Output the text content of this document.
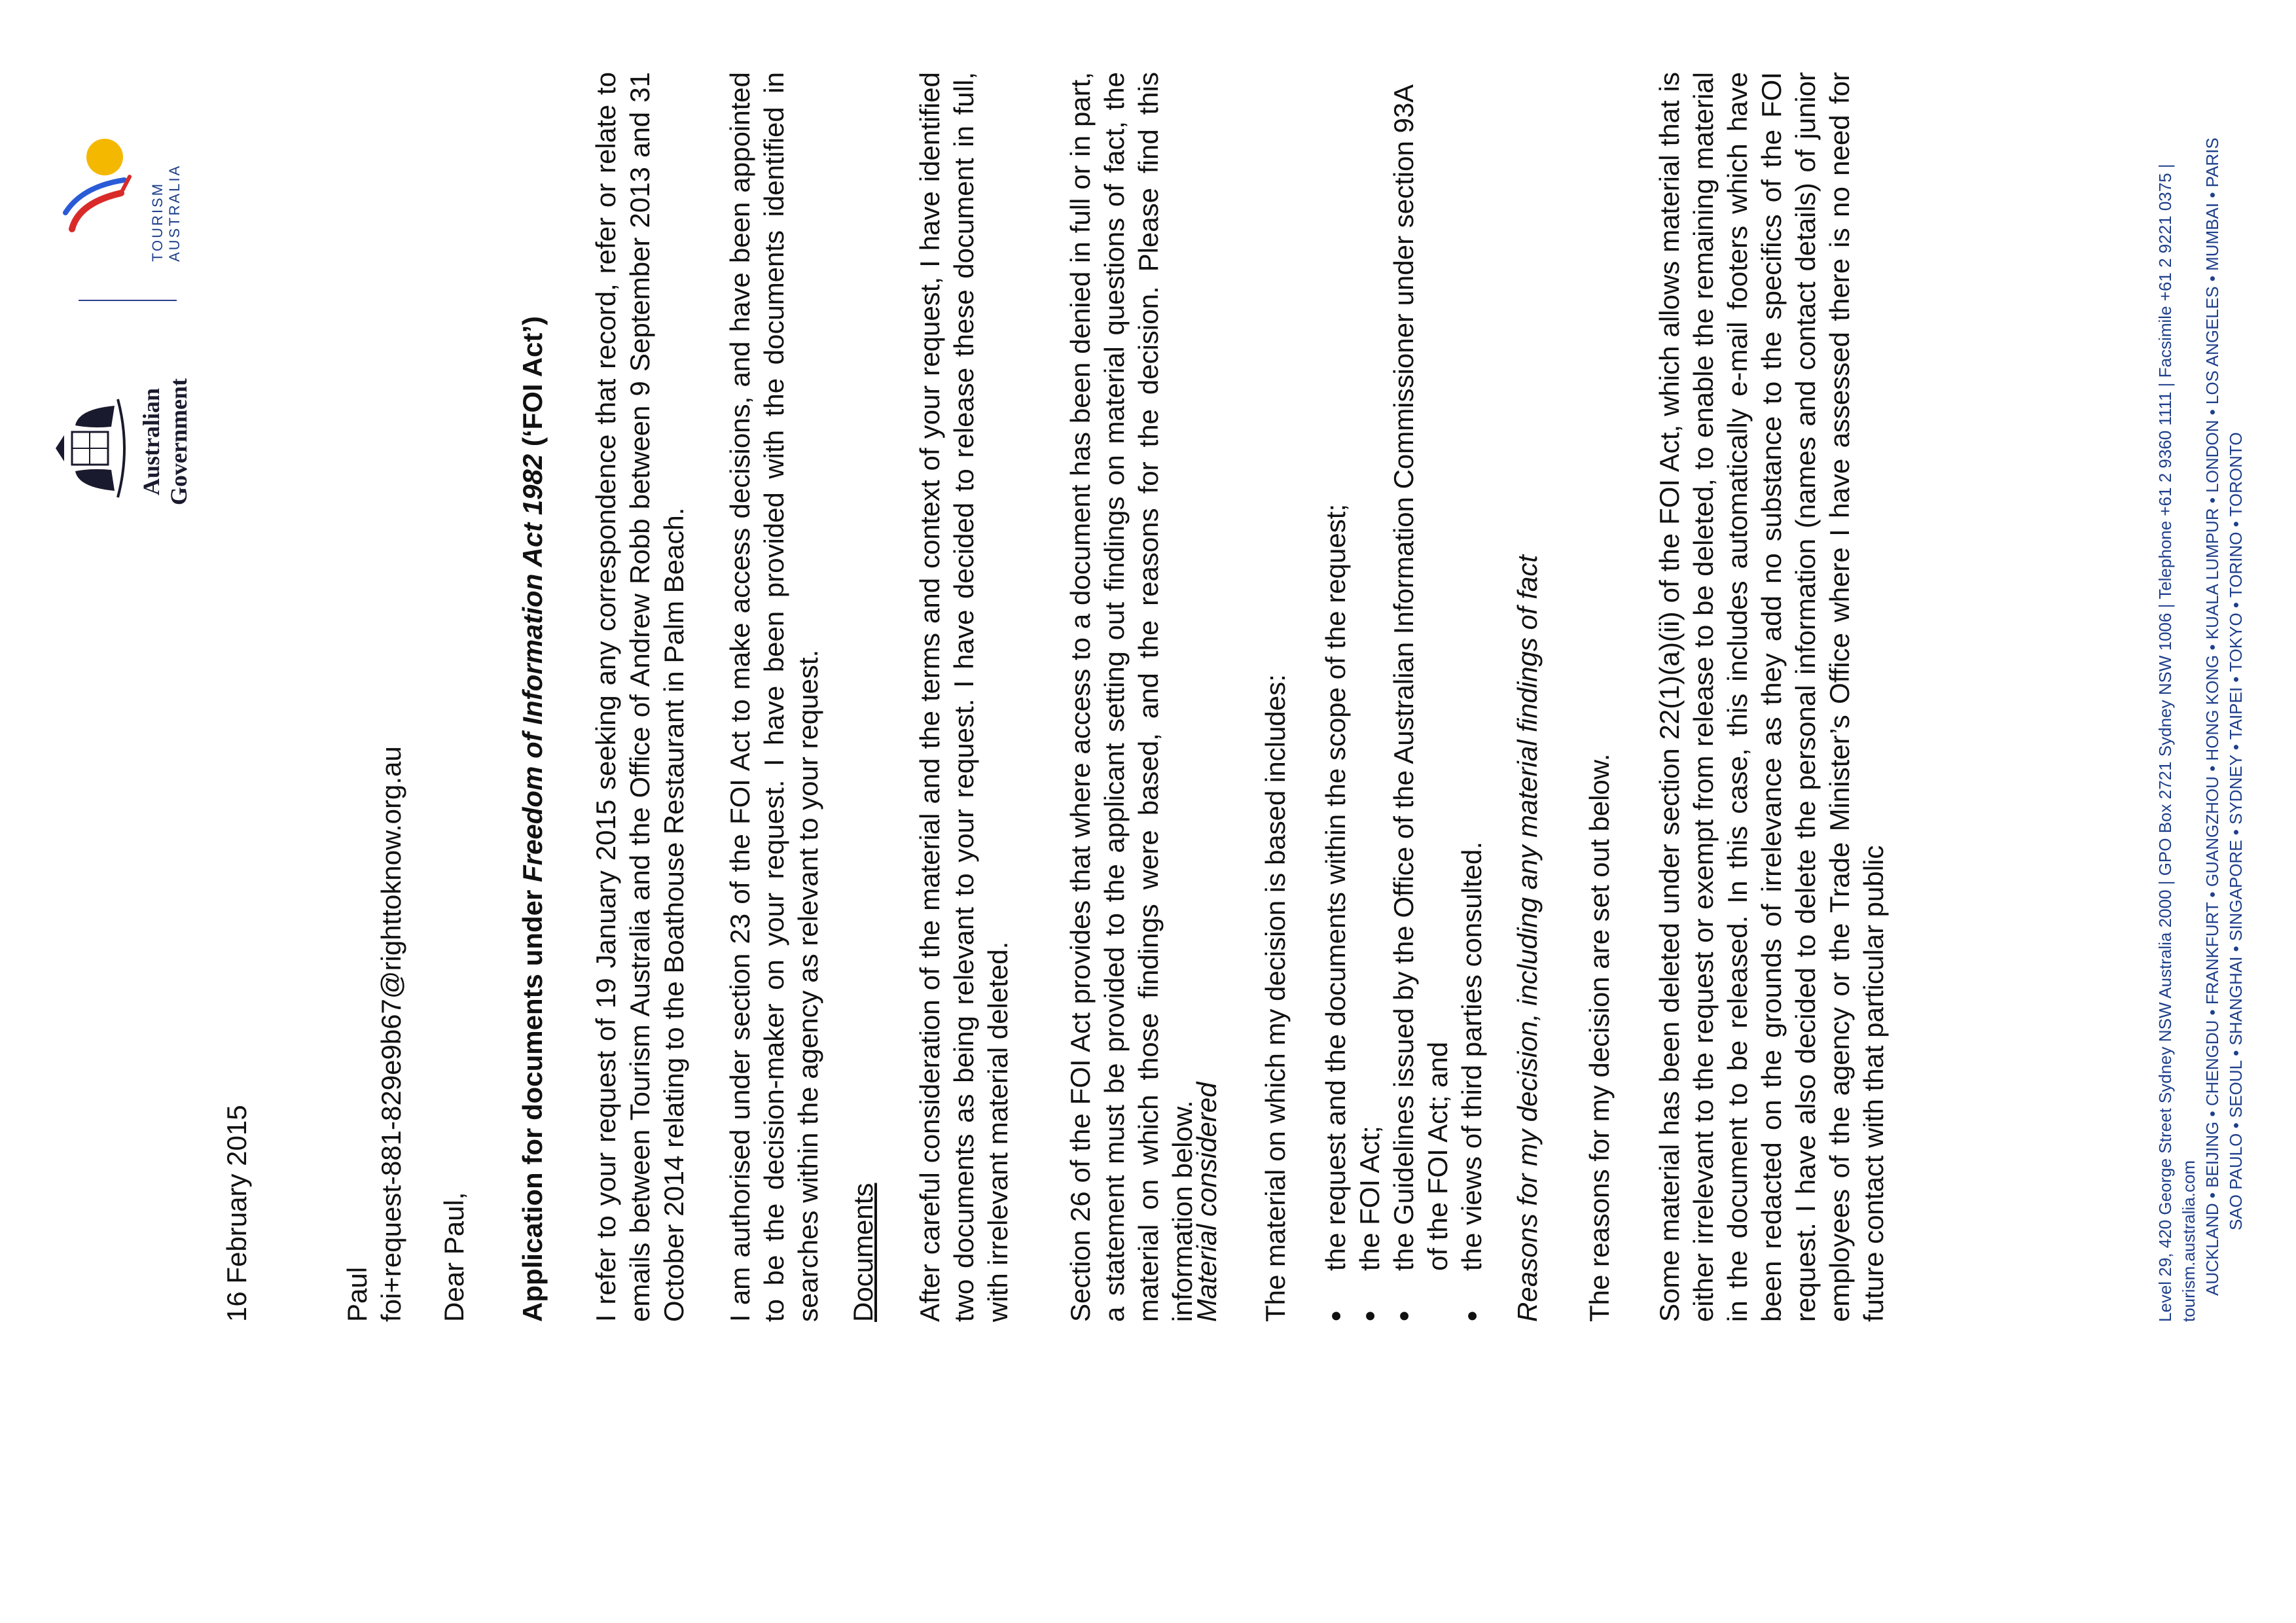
Australian Government
TOURISM AUSTRALIA
16 February 2015	Paul foi+request-881-829e9b67@righttoknow.org.au Dear Paul, Application for documents under Freedom of Information Act 1982 (‘FOI Act’) I refer to your request of 19 January 2015 seeking any correspondence that record, refer or relate to emails between Tourism Australia and the Office of Andrew Robb between 9 September 2013 and 31 October 2014 relating to the Boathouse Restaurant in Palm Beach. I am authorised under section 23 of the FOI Act to make access decisions, and have been appointed to be the decision-maker on your request. I have been provided with the documents identified in searches within the agency as relevant to your request. Documents After careful consideration of the material and the terms and context of your request, I have identified two documents as being relevant to your request. I have decided to release these document in full, with irrelevant material deleted. Section 26 of the FOI Act provides that where access to a document has been denied in full or in part, a statement must be provided to the applicant setting out findings on material questions of fact, the material on which those findings were based, and the reasons for the decision. Please find this information below.

Material considered The material on which my decision is based includes:	●
the request and the documents within the scope of the request;
●
the FOI Act;
●
the Guidelines issued by the Office of the Australian Information Commissioner under section 93A of the FOI Act; and
●
the views of third parties consulted. Reasons for my decision, including any material findings of fact The reasons for my decision are set out below. Some material has been deleted under section 22(1)(a)(ii) of the FOI Act, which allows material that is either irrelevant to the request or exempt from release to be deleted, to enable the remaining material in the document to be released. In this case, this includes automatically e-mail footers which have been redacted on the grounds of irrelevance as they add no substance to the specifics of the FOI request. I have also decided to delete the personal information (names and contact details) of junior employees of the agency or the Trade Minister’s Office where I have assessed there is no need for future contact with that particular public	Level 29, 420 George Street Sydney NSW Australia 2000 | GPO Box 2721 Sydney NSW 1006 | Telephone +61 2 9360 1111 | Facsimile +61 2 9221 0375 | tourism.australia.com AUCKLAND • BEIJING • CHENGDU • FRANKFURT • GUANGZHOU • HONG KONG • KUALA LUMPUR • LONDON • LOS ANGELES • MUMBAI • PARIS SAO PAULO • SEOUL • SHANGHAI • SINGAPORE • SYDNEY • TAIPEI • TOKYO • TORINO • TORONTO
